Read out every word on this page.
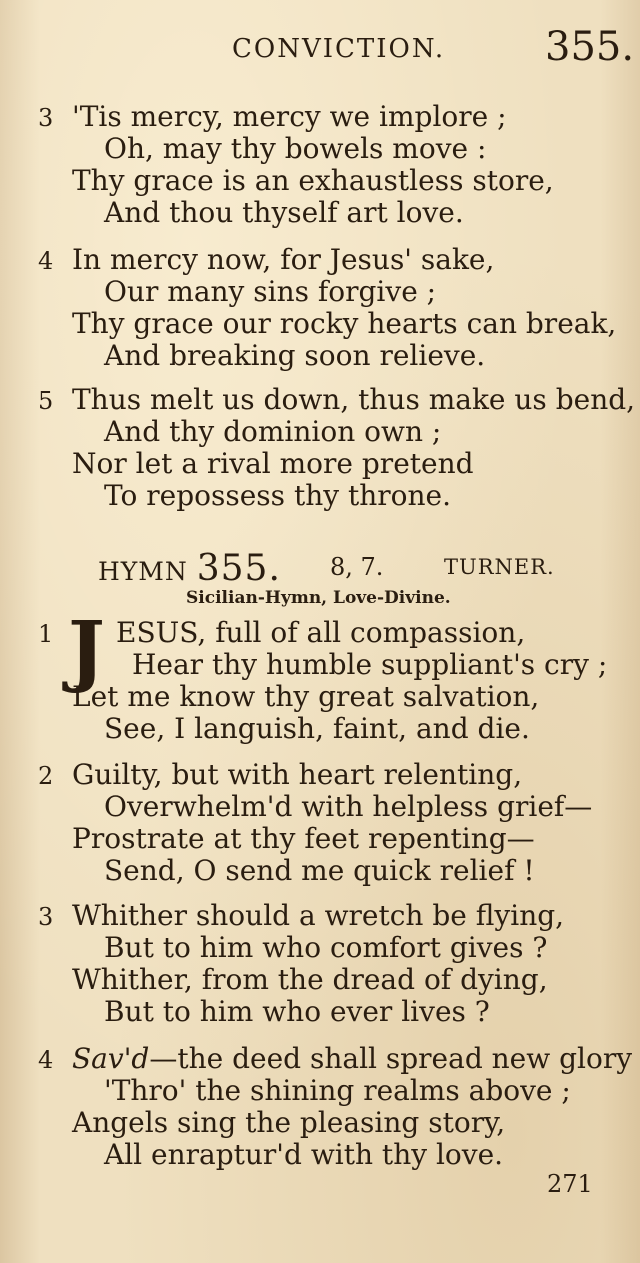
CONVICTION. 355.
3 'Tis mercy, mercy we implore ;
Oh, may thy bowels move :
Thy grace is an exhaustless store,
And thou thyself art love.
4 In mercy now, for Jesus' sake,
Our many sins forgive ;
Thy grace our rocky hearts can break,
And breaking soon relieve.
5 Thus melt us down, thus make us bend,
And thy dominion own ;
Nor let a rival more pretend
To repossess thy throne.
HYMN 355. 8, 7.	TURNER.
Sicilian-Hymn, Love-Divine.
1 J ESUS, full of all compassion,
Hear thy humble suppliant's cry ;
Let me know thy great salvation,
See, I languish, faint, and die.
2 Guilty, but with heart relenting,
Overwhelm'd with helpless grief—
Prostrate at thy feet repenting—
Send, O send me quick relief !
3 Whither should a wretch be flying,
But to him who comfort gives ?
Whither, from the dread of dying,
But to him who ever lives ?
4 Sav'd—the deed shall spread new glory
'Thro' the shining realms above ;
Angels sing the pleasing story,
All enraptur'd with thy love.
271
